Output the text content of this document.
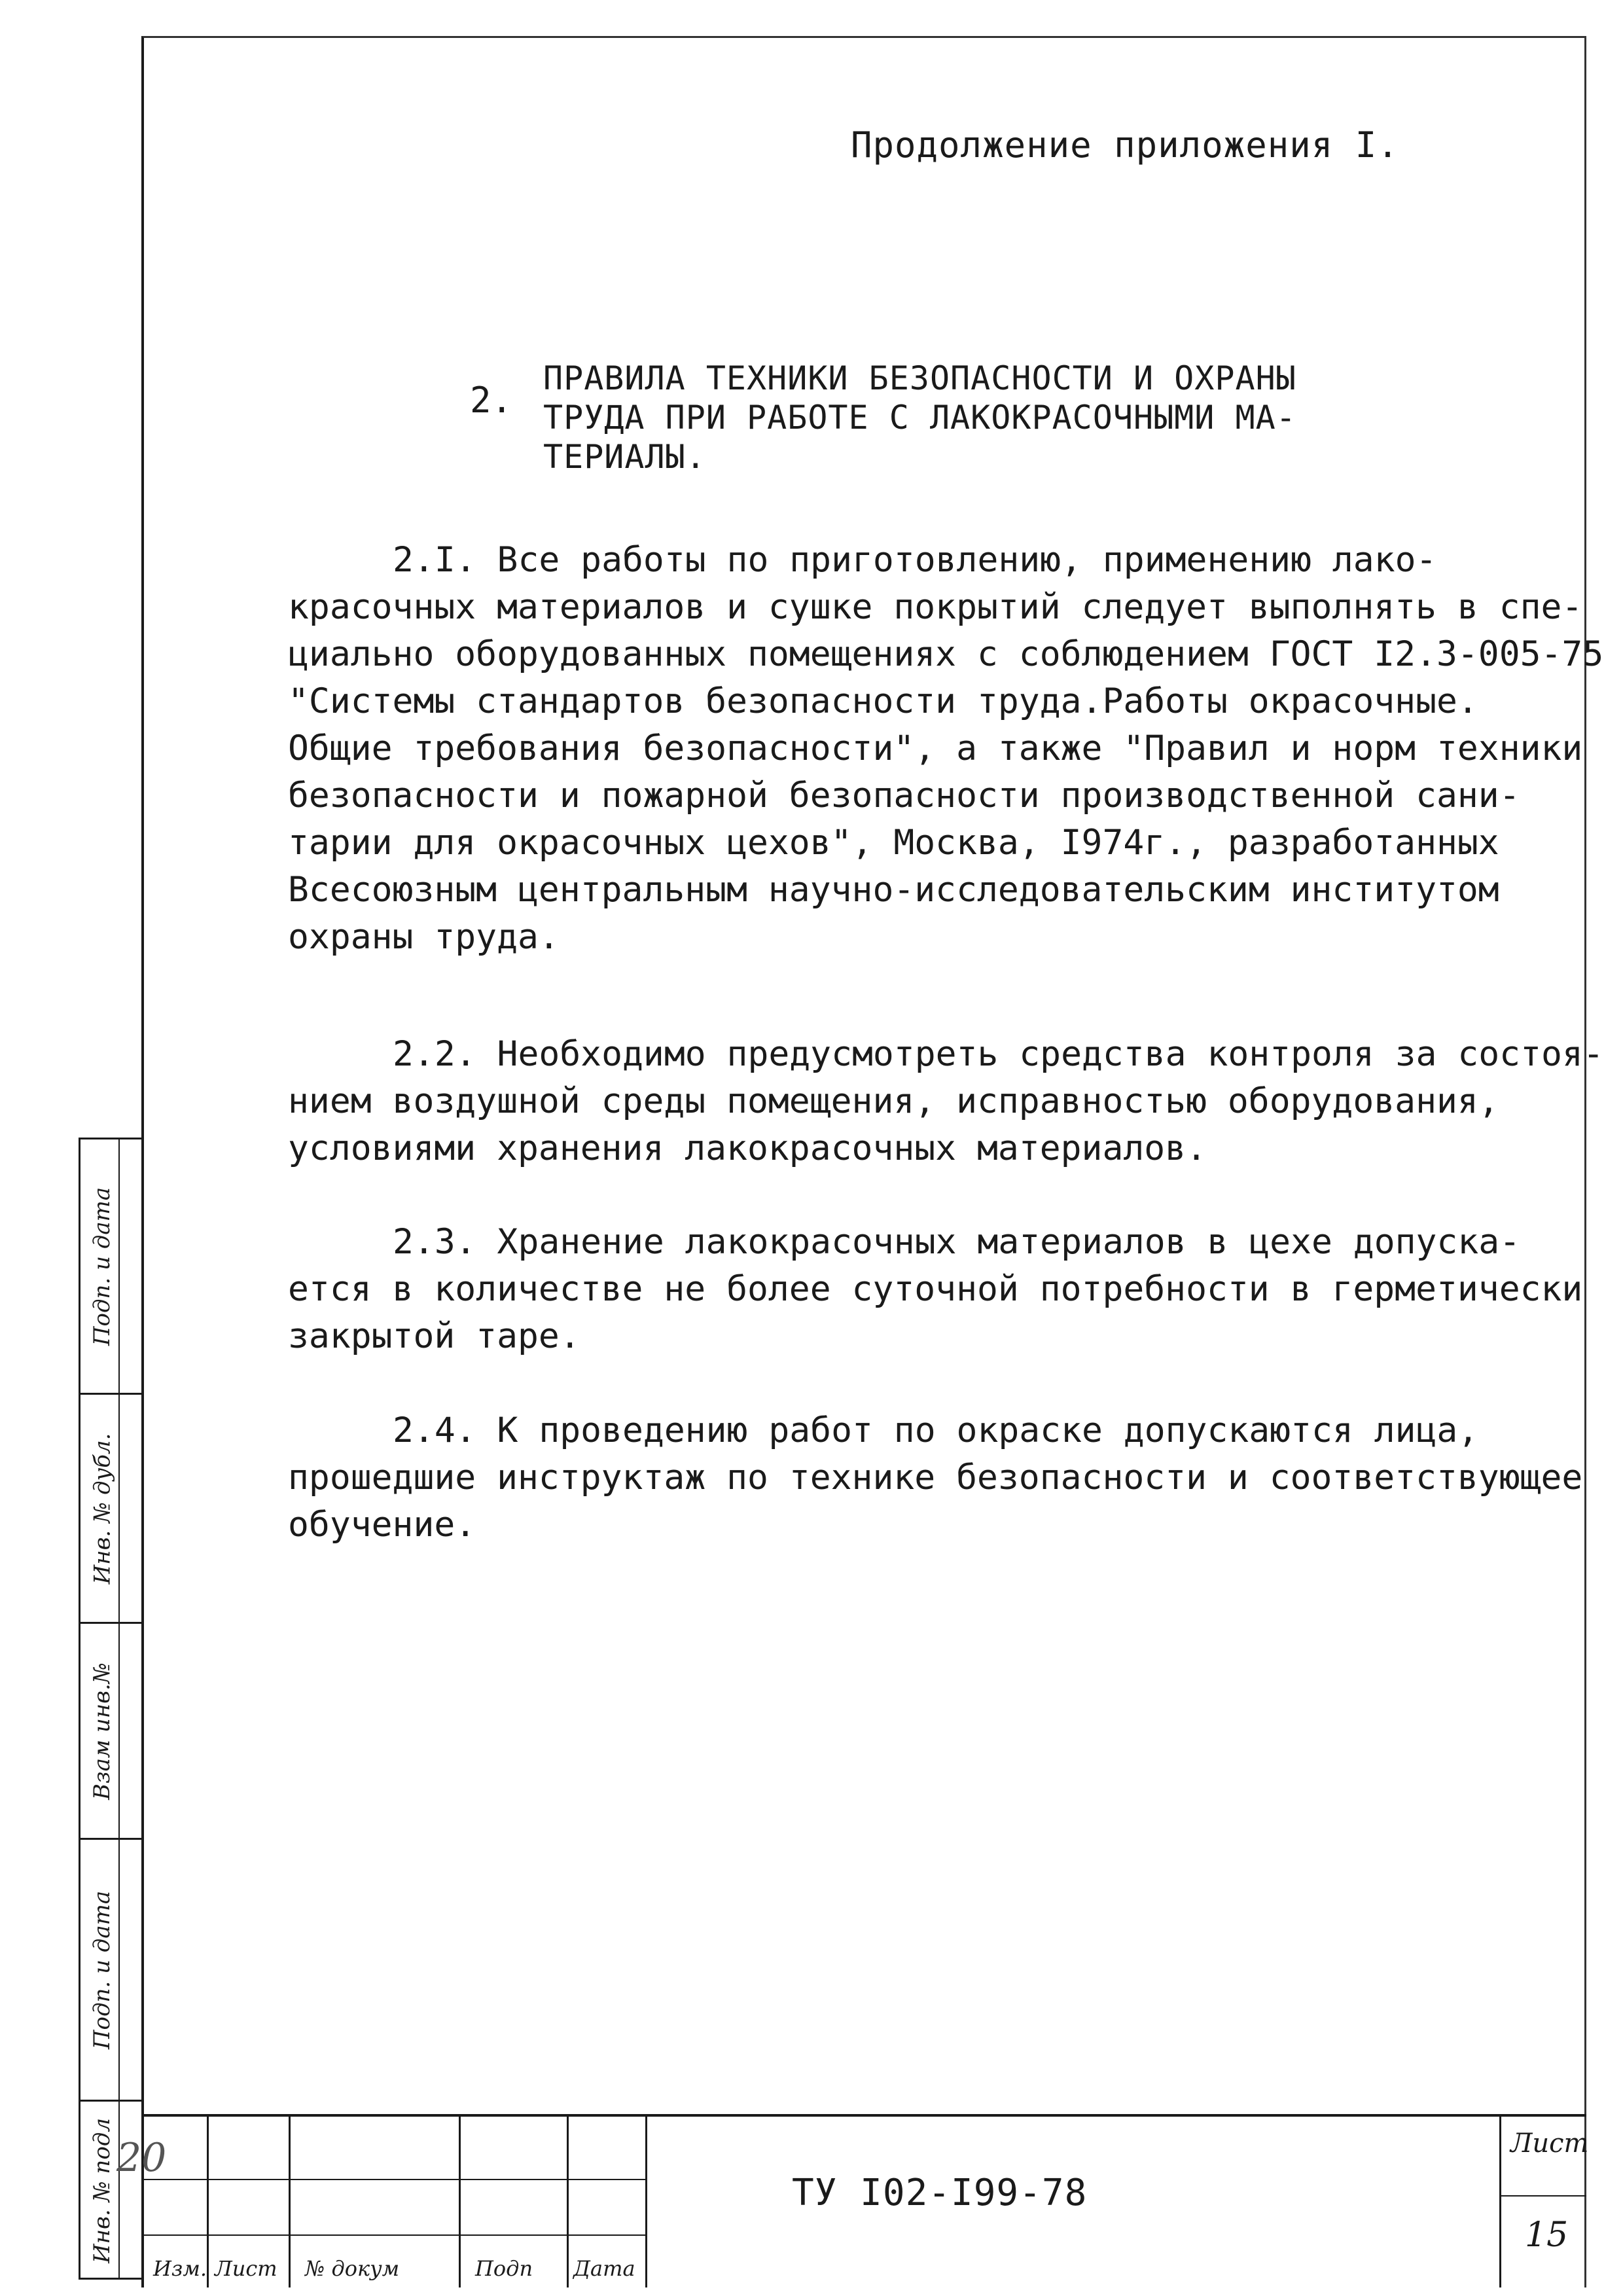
Продолжение приложения I.
2.
ПРАВИЛА ТЕХНИКИ БЕЗОПАСНОСТИ И ОХРАНЫ
ТРУДА ПРИ РАБОТЕ С ЛАКОКРАСОЧНЫМИ МА-
ТЕРИАЛЫ.
2.I. Все работы по приготовлению, применению лако-
красочных материалов и сушке покрытий следует выполнять в спе-
циально оборудованных помещениях с соблюдением ГОСТ I2.3-005-75
"Системы стандартов безопасности труда.Работы окрасочные.
Общие требования безопасности", а также "Правил и норм техники
безопасности и пожарной безопасности производственной сани-
тарии для окрасочных цехов", Москва, I974г., разработанных
Всесоюзным центральным научно-исследовательским институтом
охраны труда.
2.2. Необходимо предусмотреть средства контроля за состоя-
нием воздушной среды помещения, исправностью оборудования,
условиями хранения лакокрасочных материалов.
2.3. Хранение лакокрасочных материалов в цехе допуска-
ется в количестве не более суточной потребности в герметически
закрытой таре.
2.4. К проведению работ по окраске допускаются лица,
прошедшие инструктаж по технике безопасности и соответствующее
обучение.
Подп. и дата
Инв. № дубл.
Взам инв.№
Подп. и дата
Инв. № подл 20
Изм. Лист № докум	Подп Дата
ТУ I02-I99-78
Лист
15
